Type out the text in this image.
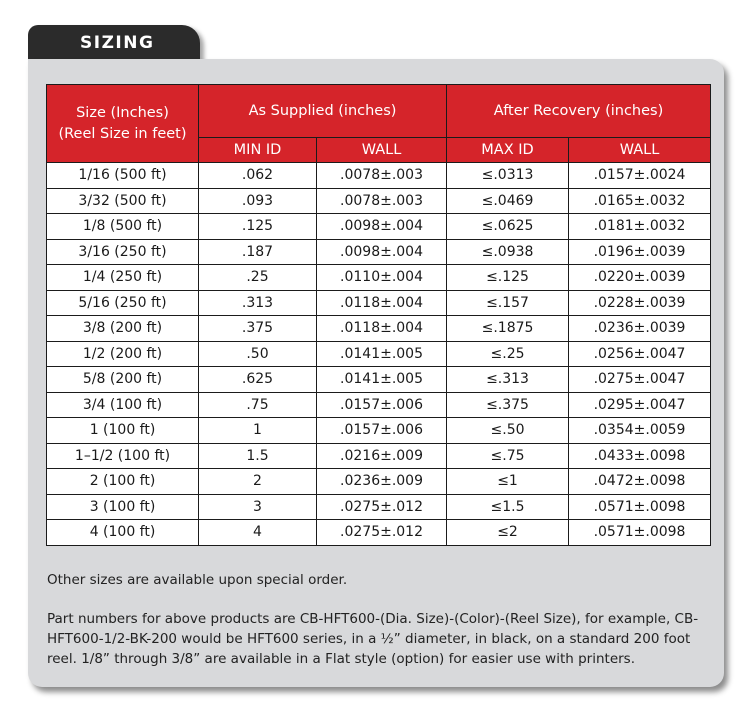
SIZING
Size (Inches)
(Reel Size in feet)	As Supplied (inches)		After Recovery (inches)	
	MIN ID	WALL	MAX ID	WALL
1/16 (500 ft)	.062	.0078±.003	≤.0313	.0157±.0024
3/32 (500 ft)	.093	.0078±.003	≤.0469	.0165±.0032
1/8 (500 ft)	.125	.0098±.004	≤.0625	.0181±.0032
3/16 (250 ft)	.187	.0098±.004	≤.0938	.0196±.0039
1/4 (250 ft)	.25	.0110±.004	≤.125	.0220±.0039
5/16 (250 ft)	.313	.0118±.004	≤.157	.0228±.0039
3/8 (200 ft)	.375	.0118±.004	≤.1875	.0236±.0039
1/2 (200 ft)	.50	.0141±.005	≤.25	.0256±.0047
5/8 (200 ft)	.625	.0141±.005	≤.313	.0275±.0047
3/4 (100 ft)	.75	.0157±.006	≤.375	.0295±.0047
1 (100 ft)	1	.0157±.006	≤.50	.0354±.0059
1–1/2 (100 ft)	1.5	.0216±.009	≤.75	.0433±.0098
2 (100 ft)	2	.0236±.009	≤1	.0472±.0098
3 (100 ft)	3	.0275±.012	≤1.5	.0571±.0098
4 (100 ft)	4	.0275±.012	≤2	.0571±.0098

Other sizes are available upon special order.

Part numbers for above products are CB-HFT600-(Dia. Size)-(Color)-(Reel Size), for example, CB-HFT600-1/2-BK-200 would be HFT600 series, in a ½” diameter, in black, on a standard 200 foot reel. 1/8” through 3/8” are available in a Flat style (option) for easier use with printers.
